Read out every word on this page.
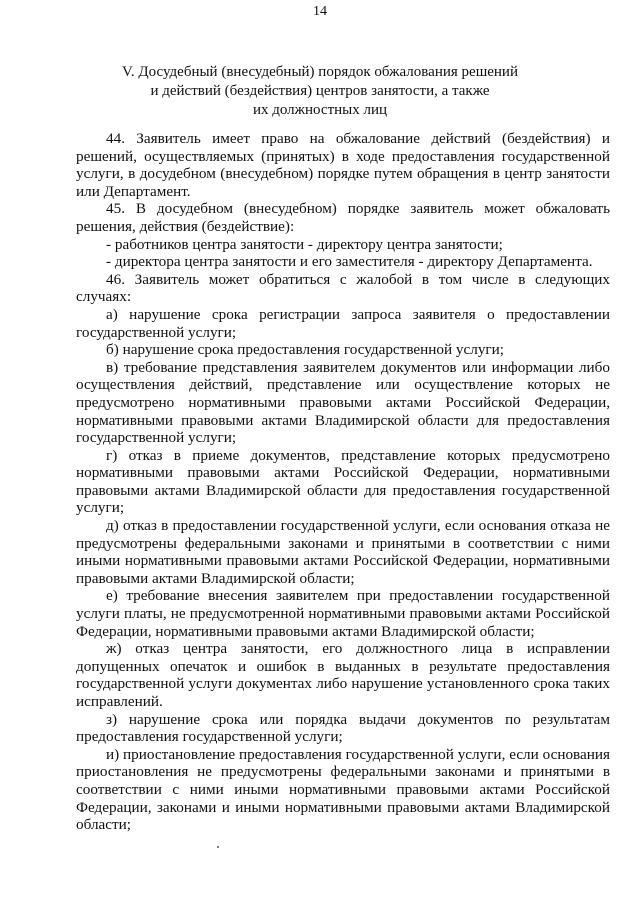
14
V. Досудебный (внесудебный) порядок обжалования решений
и действий (бездействия) центров занятости, а также
их должностных лиц

44. Заявитель имеет право на обжалование действий (бездействия) и решений, осуществляемых (принятых) в ходе предоставления государственной услуги, в досудебном (внесудебном) порядке путем обращения в центр занятости или Департамент.

45. В досудебном (внесудебном) порядке заявитель может обжаловать решения, действия (бездействие):

- работников центра занятости - директору центра занятости;

- директора центра занятости и его заместителя - директору Департамента.

46. Заявитель может обратиться с жалобой в том числе в следующих случаях:

а) нарушение срока регистрации запроса заявителя о предоставлении государственной услуги;

б) нарушение срока предоставления государственной услуги;

в) требование представления заявителем документов или информации либо осуществления действий, представление или осуществление которых не предусмотрено нормативными правовыми актами Российской Федерации, нормативными правовыми актами Владимирской области для предоставления государственной услуги;

г) отказ в приеме документов, представление которых предусмотрено нормативными правовыми актами Российской Федерации, нормативными правовыми актами Владимирской области для предоставления государственной услуги;

д) отказ в предоставлении государственной услуги, если основания отказа не предусмотрены федеральными законами и принятыми в соответствии с ними иными нормативными правовыми актами Российской Федерации, нормативными правовыми актами Владимирской области;

е) требование внесения заявителем при предоставлении государственной услуги платы, не предусмотренной нормативными правовыми актами Российской Федерации, нормативными правовыми актами Владимирской области;

ж) отказ центра занятости, его должностного лица в исправлении допущенных опечаток и ошибок в выданных в результате предоставления государственной услуги документах либо нарушение установленного срока таких исправлений.

з) нарушение срока или порядка выдачи документов по результатам предоставления государственной услуги;

и) приостановление предоставления государственной услуги, если основания приостановления не предусмотрены федеральными законами и принятыми в соответствии с ними иными нормативными правовыми актами Российской Федерации, законами и иными нормативными правовыми актами Владимирской области;
